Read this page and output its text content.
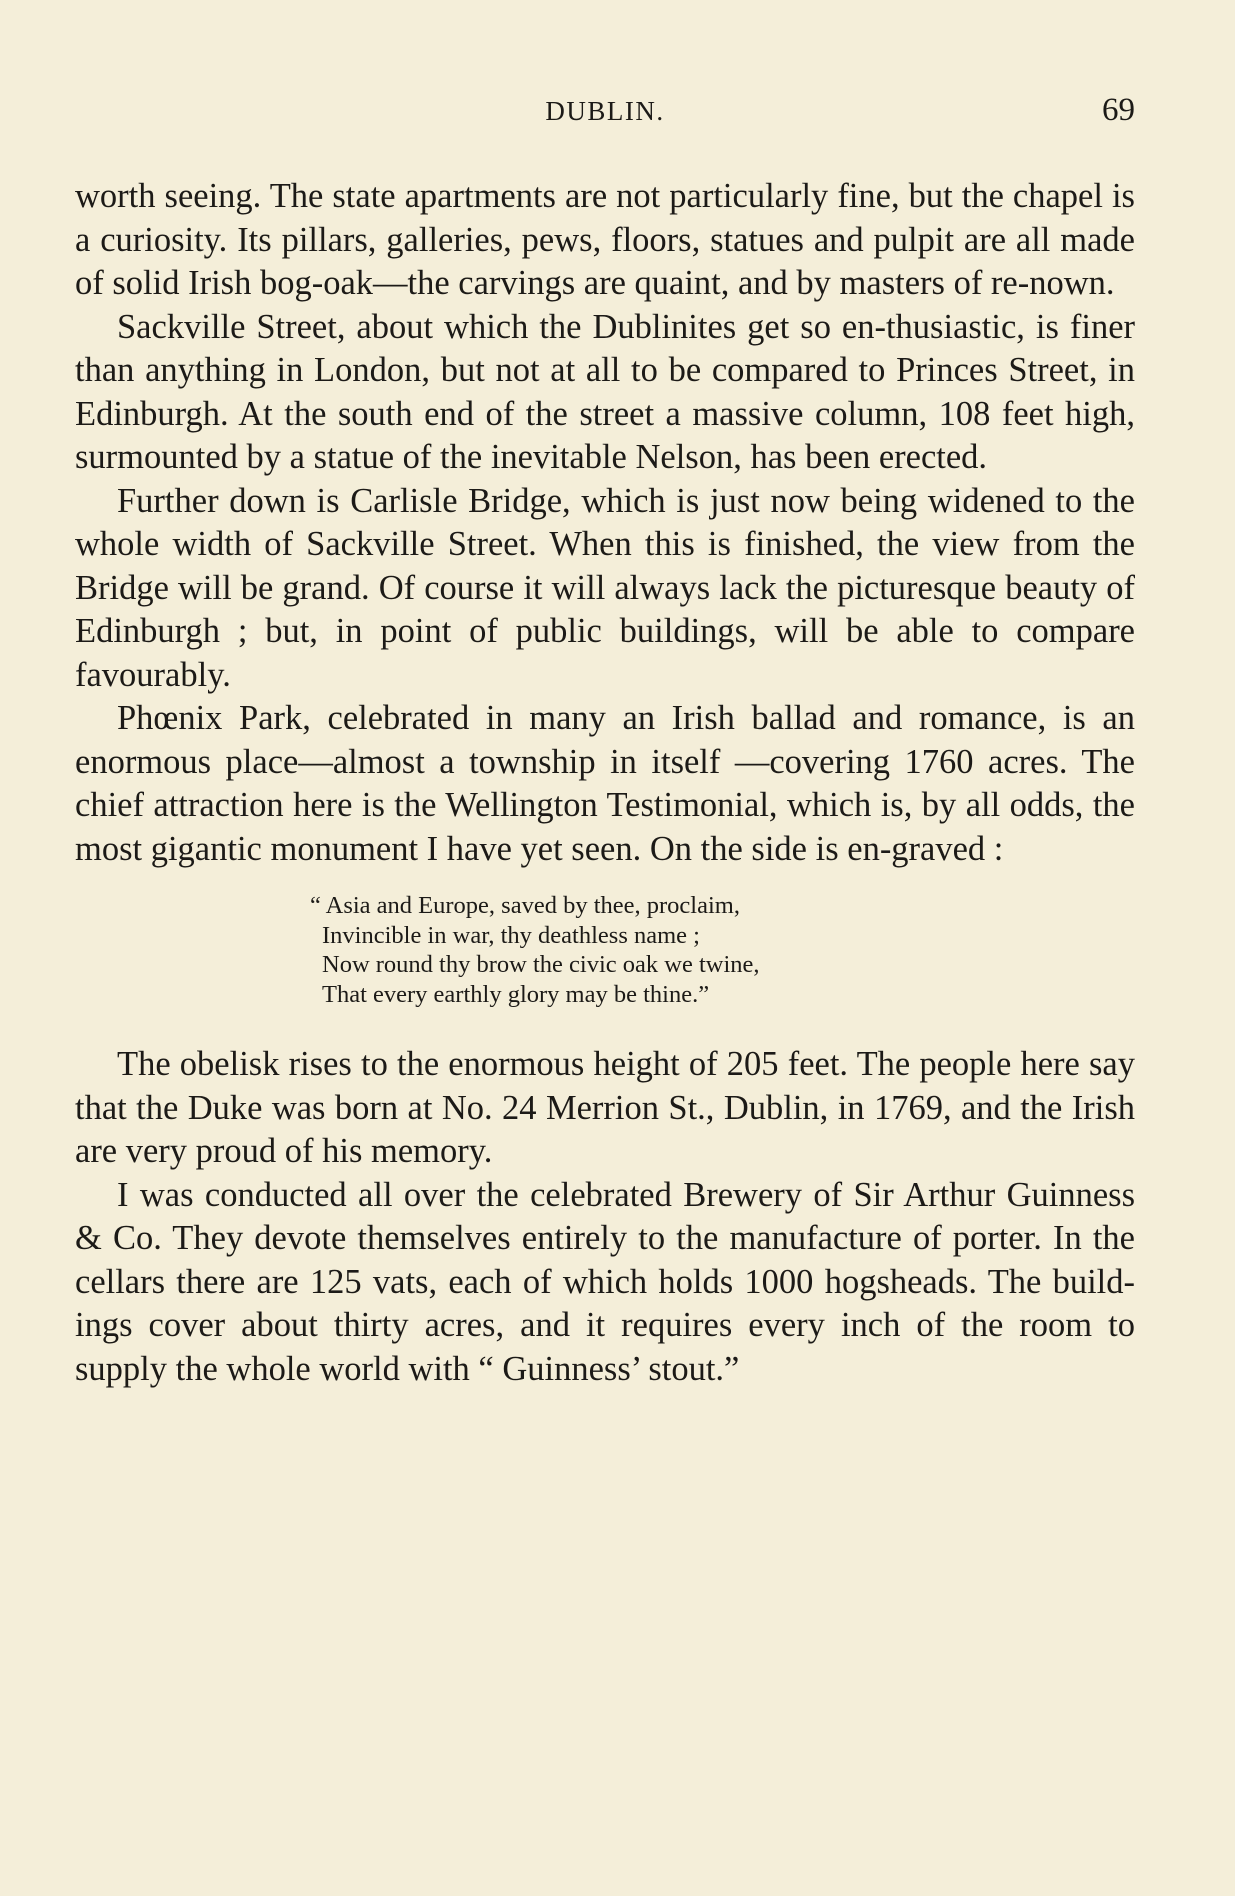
DUBLIN.	69

worth seeing. The state apartments are not particularly fine, but the chapel is a curiosity. Its pillars, galleries, pews, floors, statues and pulpit are all made of solid Irish bog-oak—the carvings are quaint, and by masters of re-nown.

Sackville Street, about which the Dublinites get so en-thusiastic, is finer than anything in London, but not at all to be compared to Princes Street, in Edinburgh. At the south end of the street a massive column, 108 feet high, surmounted by a statue of the inevitable Nelson, has been erected.

Further down is Carlisle Bridge, which is just now being widened to the whole width of Sackville Street. When this is finished, the view from the Bridge will be grand. Of course it will always lack the picturesque beauty of Edinburgh ; but, in point of public buildings, will be able to compare favourably.

Phœnix Park, celebrated in many an Irish ballad and romance, is an enormous place—almost a township in itself —covering 1760 acres. The chief attraction here is the Wellington Testimonial, which is, by all odds, the most gigantic monument I have yet seen. On the side is en-graved :

“ Asia and Europe, saved by thee, proclaim,
Invincible in war, thy deathless name ;
Now round thy brow the civic oak we twine,
That every earthly glory may be thine.”

The obelisk rises to the enormous height of 205 feet. The people here say that the Duke was born at No. 24 Merrion St., Dublin, in 1769, and the Irish are very proud of his memory.

I was conducted all over the celebrated Brewery of Sir Arthur Guinness & Co. They devote themselves entirely to the manufacture of porter. In the cellars there are 125 vats, each of which holds 1000 hogsheads. The build-ings cover about thirty acres, and it requires every inch of the room to supply the whole world with “ Guinness’ stout.”
